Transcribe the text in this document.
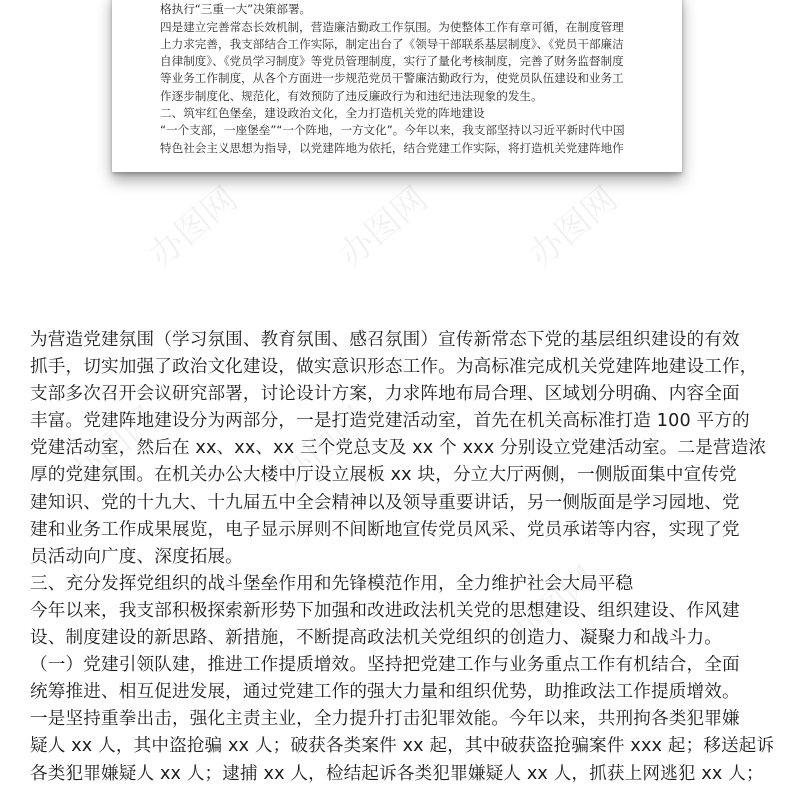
办图网	办图网	办图网
办图网	办图网
办图网
格执行“三重一大”决策部署。
四是建立完善常态长效机制，营造廉洁勤政工作氛围。为使整体工作有章可循，在制度管理
上力求完善，我支部结合工作实际，制定出台了《领导干部联系基层制度》、《党员干部廉洁
自律制度》、《党员学习制度》等党员管理制度，实行了量化考核制度，完善了财务监督制度
等业务工作制度，从各个方面进一步规范党员干警廉洁勤政行为，使党员队伍建设和业务工
作逐步制度化、规范化，有效预防了违反廉政行为和违纪违法现象的发生。
二、筑牢红色堡垒，建设政治文化，全力打造机关党的阵地建设
“一个支部，一座堡垒”“一个阵地，一方文化”。今年以来，我支部坚持以习近平新时代中国
特色社会主义思想为指导，以党建阵地为依托，结合党建工作实际，将打造机关党建阵地作
为营造党建氛围（学习氛围、教育氛围、感召氛围）宣传新常态下党的基层组织建设的有效
抓手，切实加强了政治文化建设，做实意识形态工作。为高标准完成机关党建阵地建设工作，
支部多次召开会议研究部署，讨论设计方案，力求阵地布局合理、区域划分明确、内容全面
丰富。党建阵地建设分为两部分，一是打造党建活动室，首先在机关高标准打造 100 平方的
党建活动室，然后在 xx、xx、xx 三个党总支及 xx 个 xxx 分别设立党建活动室。二是营造浓
厚的党建氛围。在机关办公大楼中厅设立展板 xx 块，分立大厅两侧，一侧版面集中宣传党
建知识、党的十九大、十九届五中全会精神以及领导重要讲话，另一侧版面是学习园地、党
建和业务工作成果展览，电子显示屏则不间断地宣传党员风采、党员承诺等内容，实现了党
员活动向广度、深度拓展。
三、充分发挥党组织的战斗堡垒作用和先锋模范作用，全力维护社会大局平稳
今年以来，我支部积极探索新形势下加强和改进政法机关党的思想建设、组织建设、作风建
设、制度建设的新思路、新措施，不断提高政法机关党组织的创造力、凝聚力和战斗力。
（一）党建引领队建，推进工作提质增效。坚持把党建工作与业务重点工作有机结合，全面
统筹推进、相互促进发展，通过党建工作的强大力量和组织优势，助推政法工作提质增效。
一是坚持重拳出击，强化主责主业，全力提升打击犯罪效能。今年以来，共刑拘各类犯罪嫌
疑人 xx 人，其中盗抢骗 xx 人；破获各类案件 xx 起，其中破获盗抢骗案件 xxx 起；移送起诉
各类犯罪嫌疑人 xx 人；逮捕 xx 人，检结起诉各类犯罪嫌疑人 xx 人，抓获上网逃犯 xx 人；
